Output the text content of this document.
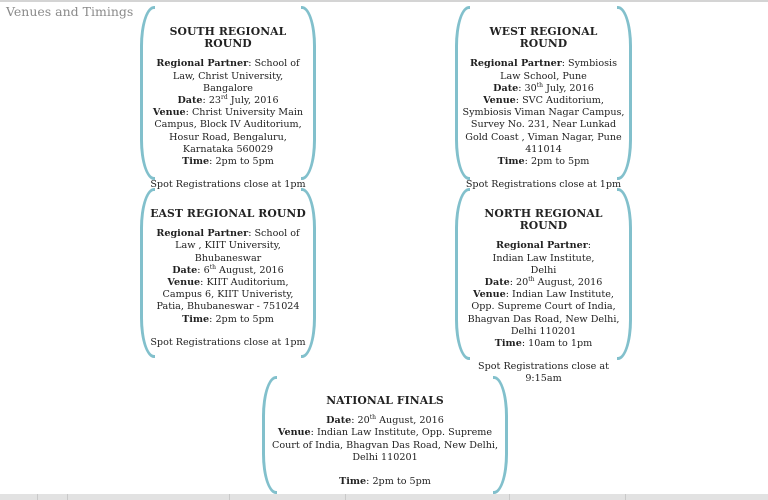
Venues and Timings
SOUTH REGIONAL ROUND

Regional Partner: School of Law, Christ University, Bangalore

Date: 23rd July, 2016

Venue: Christ University Main Campus, Block IV Auditorium, Hosur Road, Bengaluru, Karnataka 560029

Time: 2pm to 5pm

Spot Registrations close at 1pm

WEST REGIONAL ROUND

Regional Partner: Symbiosis Law School, Pune

Date: 30th July, 2016

Venue: SVC Auditorium, Symbiosis Viman Nagar Campus, Survey No. 231, Near Lunkad Gold Coast , Viman Nagar, Pune 411014

Time: 2pm to 5pm

Spot Registrations close at 1pm

EAST REGIONAL ROUND

Regional Partner: School of Law , KIIT University, Bhubaneswar

Date: 6th August, 2016

Venue: KIIT Auditorium, Campus 6, KIIT Univeristy, Patia, Bhubaneswar - 751024

Time: 2pm to 5pm

Spot Registrations close at 1pm

NORTH REGIONAL ROUND

Regional Partner: Indian Law Institute, Delhi

Date: 20th August, 2016

Venue: Indian Law Institute, Opp. Supreme Court of India, Bhagvan Das Road, New Delhi, Delhi 110201

Time: 10am to 1pm

Spot Registrations close at 9:15am

NATIONAL FINALS

Date: 20th August, 2016

Venue: Indian Law Institute, Opp. Supreme Court of India, Bhagvan Das Road, New Delhi, Delhi 110201

Time: 2pm to 5pm
